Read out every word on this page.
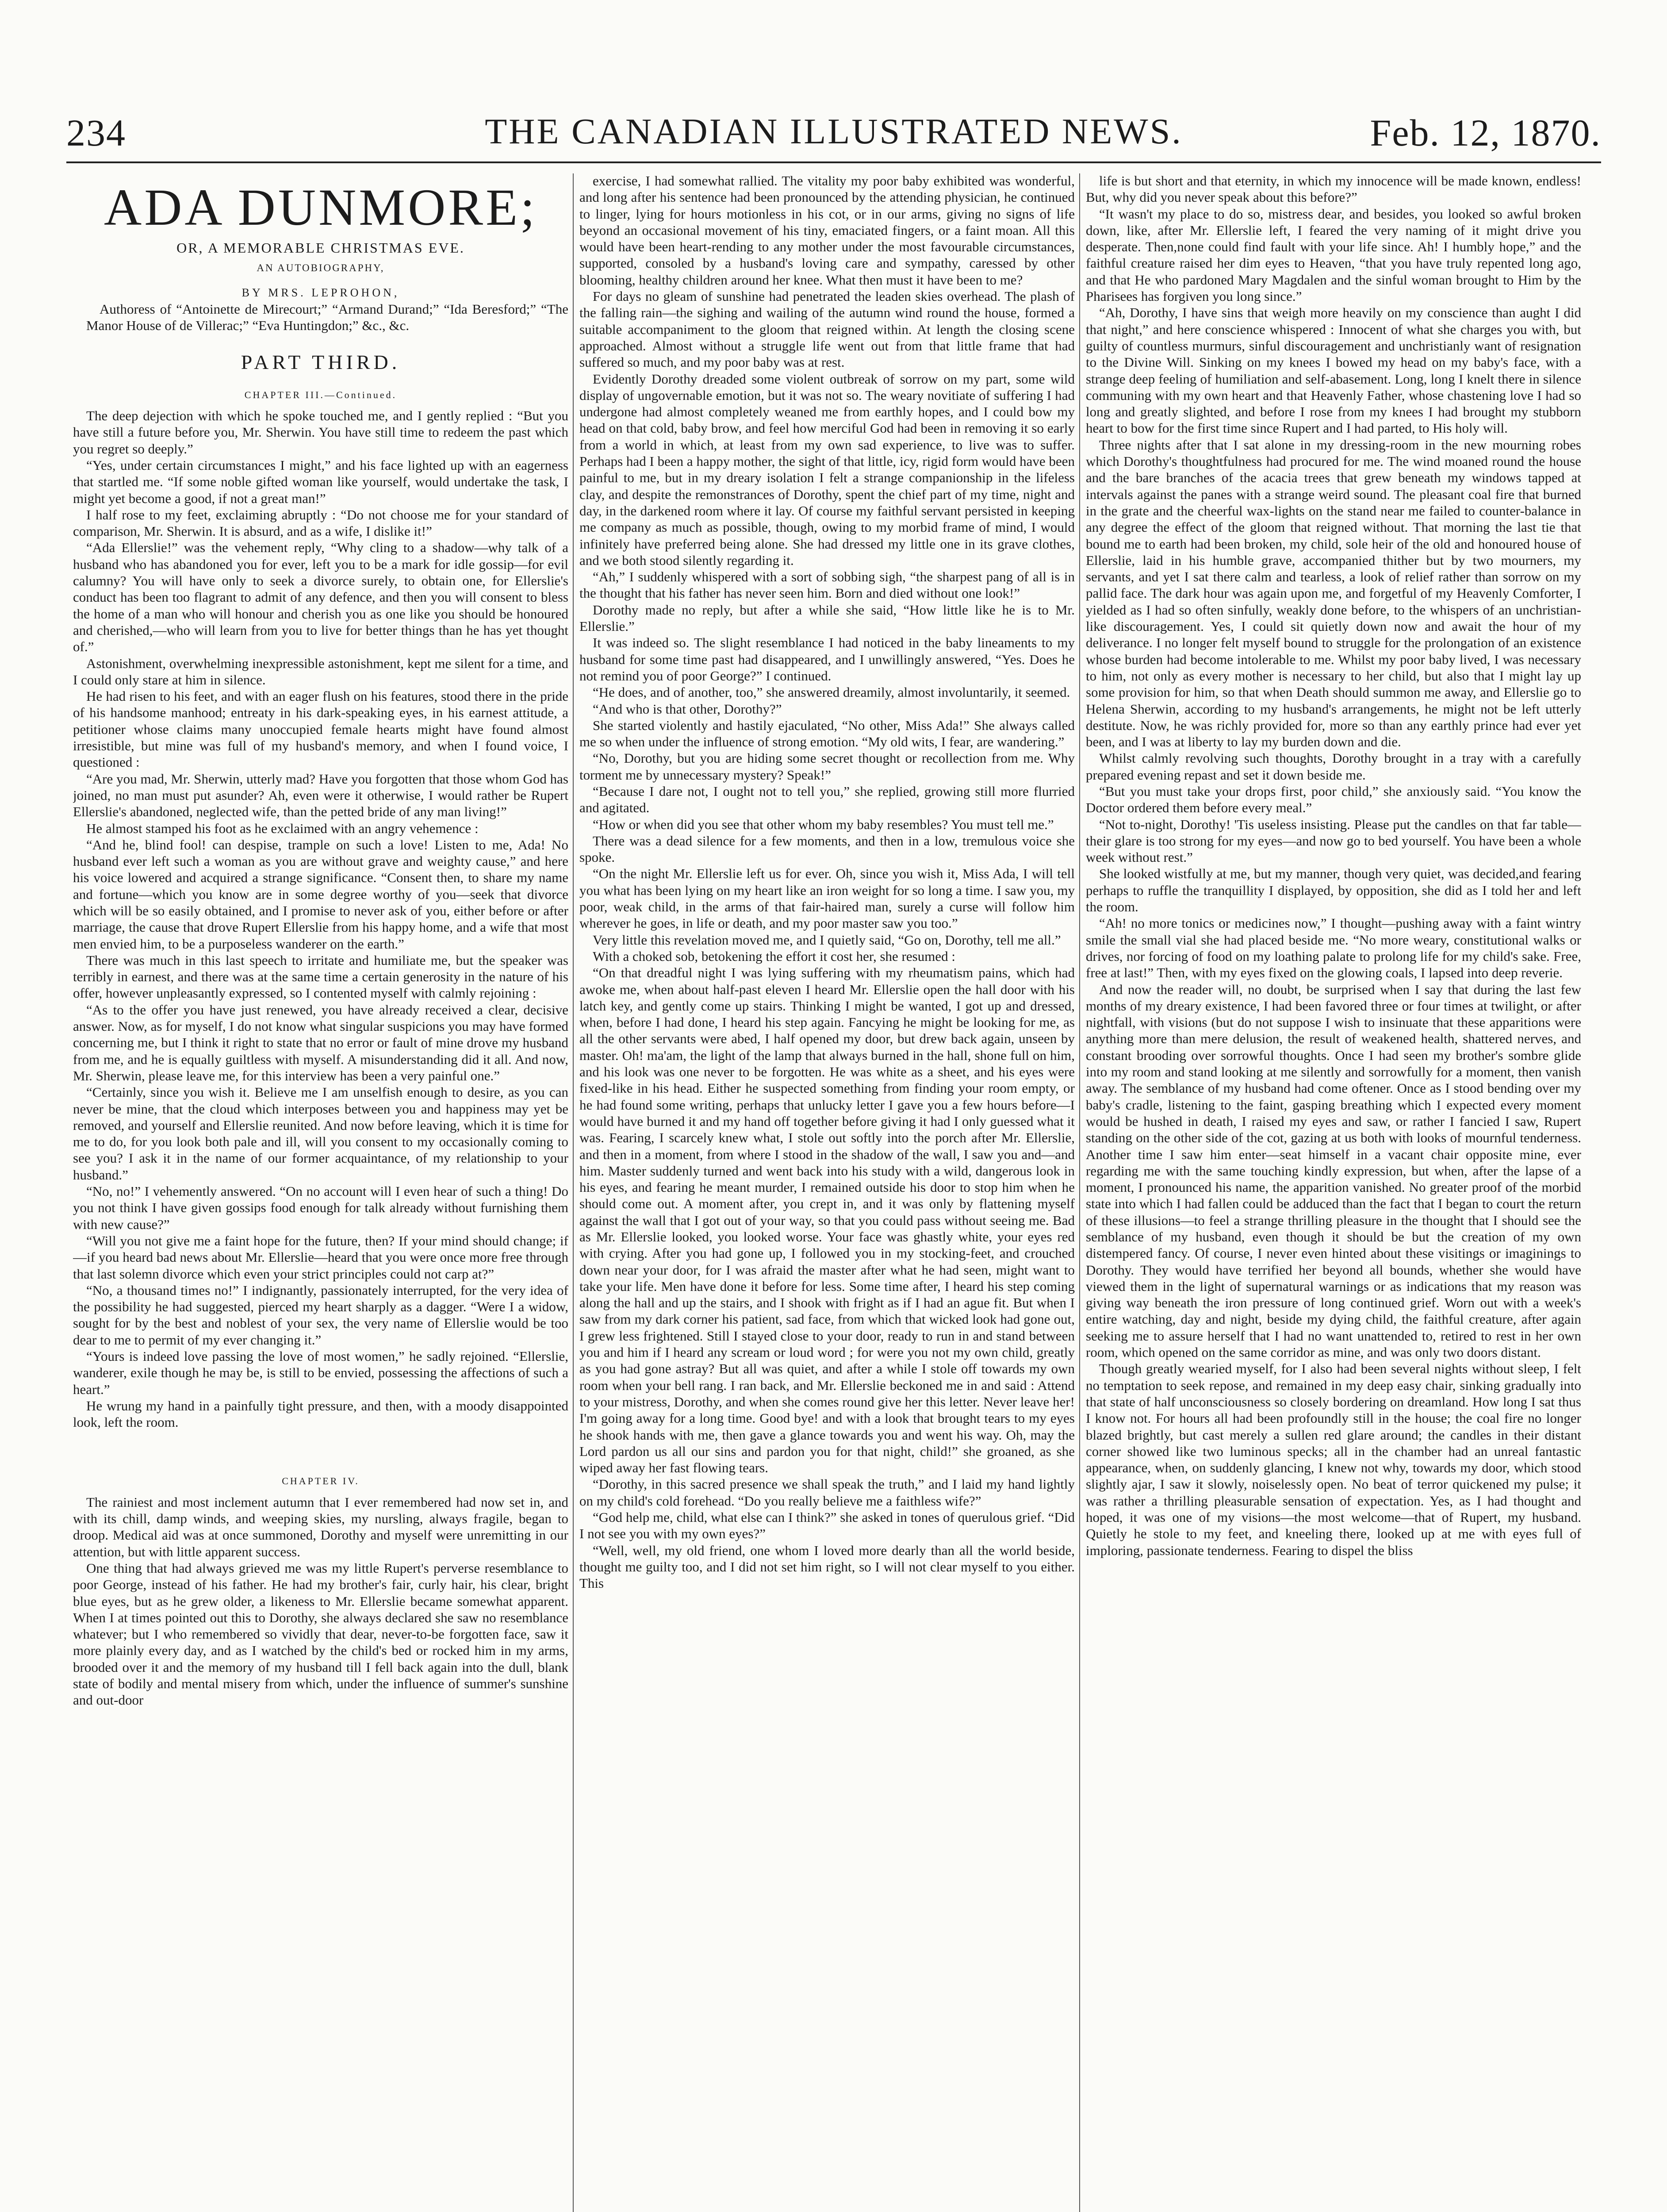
234	THE CANADIAN ILLUSTRATED NEWS.	Feb. 12, 1870.
ADA DUNMORE;
OR, A MEMORABLE CHRISTMAS EVE.
AN AUTOBIOGRAPHY,
BY MRS. LEPROHON,

Authoress of “Antoinette de Mirecourt;” “Armand Durand;” “Ida Beresford;” “The Manor House of de Villerac;” “Eva Huntingdon;” &c., &c.

PART THIRD.
CHAPTER III.—Continued.

The deep dejection with which he spoke touched me, and I gently replied : “But you have still a future before you, Mr. Sherwin. You have still time to redeem the past which you regret so deeply.”

“Yes, under certain circumstances I might,” and his face lighted up with an eagerness that startled me. “If some noble gifted woman like yourself, would undertake the task, I might yet become a good, if not a great man!”

I half rose to my feet, exclaiming abruptly : “Do not choose me for your standard of comparison, Mr. Sherwin. It is absurd, and as a wife, I dislike it!”

“Ada Ellerslie!” was the vehement reply, “Why cling to a shadow—why talk of a husband who has abandoned you for ever, left you to be a mark for idle gossip—for evil calumny? You will have only to seek a divorce surely, to obtain one, for Ellerslie's conduct has been too flagrant to admit of any defence, and then you will consent to bless the home of a man who will honour and cherish you as one like you should be honoured and cherished,—who will learn from you to live for better things than he has yet thought of.”

Astonishment, overwhelming inexpressible astonishment, kept me silent for a time, and I could only stare at him in silence.

He had risen to his feet, and with an eager flush on his features, stood there in the pride of his handsome manhood; entreaty in his dark-speaking eyes, in his earnest attitude, a petitioner whose claims many unoccupied female hearts might have found almost irresistible, but mine was full of my husband's memory, and when I found voice, I questioned :

“Are you mad, Mr. Sherwin, utterly mad? Have you forgotten that those whom God has joined, no man must put asunder? Ah, even were it otherwise, I would rather be Rupert Ellerslie's abandoned, neglected wife, than the petted bride of any man living!”

He almost stamped his foot as he exclaimed with an angry vehemence :

“And he, blind fool! can despise, trample on such a love! Listen to me, Ada! No husband ever left such a woman as you are without grave and weighty cause,” and here his voice lowered and acquired a strange significance. “Consent then, to share my name and fortune—which you know are in some degree worthy of you—seek that divorce which will be so easily obtained, and I promise to never ask of you, either before or after marriage, the cause that drove Rupert Ellerslie from his happy home, and a wife that most men envied him, to be a purposeless wanderer on the earth.”

There was much in this last speech to irritate and humiliate me, but the speaker was terribly in earnest, and there was at the same time a certain generosity in the nature of his offer, however unpleasantly expressed, so I contented myself with calmly rejoining :

“As to the offer you have just renewed, you have already received a clear, decisive answer. Now, as for myself, I do not know what singular suspicions you may have formed concerning me, but I think it right to state that no error or fault of mine drove my husband from me, and he is equally guiltless with myself. A misunderstanding did it all. And now, Mr. Sherwin, please leave me, for this interview has been a very painful one.”

“Certainly, since you wish it. Believe me I am unselfish enough to desire, as you can never be mine, that the cloud which interposes between you and happiness may yet be removed, and yourself and Ellerslie reunited. And now before leaving, which it is time for me to do, for you look both pale and ill, will you consent to my occasionally coming to see you? I ask it in the name of our former acquaintance, of my relationship to your husband.”

“No, no!” I vehemently answered. “On no account will I even hear of such a thing! Do you not think I have given gossips food enough for talk already without furnishing them with new cause?”

“Will you not give me a faint hope for the future, then? If your mind should change; if—if you heard bad news about Mr. Ellerslie—heard that you were once more free through that last solemn divorce which even your strict principles could not carp at?”

“No, a thousand times no!” I indignantly, passionately interrupted, for the very idea of the possibility he had suggested, pierced my heart sharply as a dagger. “Were I a widow, sought for by the best and noblest of your sex, the very name of Ellerslie would be too dear to me to permit of my ever changing it.”

“Yours is indeed love passing the love of most women,” he sadly rejoined. “Ellerslie, wanderer, exile though he may be, is still to be envied, possessing the affections of such a heart.”

He wrung my hand in a painfully tight pressure, and then, with a moody disappointed look, left the room.

CHAPTER IV.

The rainiest and most inclement autumn that I ever remembered had now set in, and with its chill, damp winds, and weeping skies, my nursling, always fragile, began to droop. Medical aid was at once summoned, Dorothy and myself were unremitting in our attention, but with little apparent success.

One thing that had always grieved me was my little Rupert's perverse resemblance to poor George, instead of his father. He had my brother's fair, curly hair, his clear, bright blue eyes, but as he grew older, a likeness to Mr. Ellerslie became somewhat apparent. When I at times pointed out this to Dorothy, she always declared she saw no resemblance whatever; but I who remembered so vividly that dear, never-to-be forgotten face, saw it more plainly every day, and as I watched by the child's bed or rocked him in my arms, brooded over it and the memory of my husband till I fell back again into the dull, blank state of bodily and mental misery from which, under the influence of summer's sunshine and out-door

exercise, I had somewhat rallied. The vitality my poor baby exhibited was wonderful, and long after his sentence had been pronounced by the attending physician, he continued to linger, lying for hours motionless in his cot, or in our arms, giving no signs of life beyond an occasional movement of his tiny, emaciated fingers, or a faint moan. All this would have been heart-rending to any mother under the most favourable circumstances, supported, consoled by a husband's loving care and sympathy, caressed by other blooming, healthy children around her knee. What then must it have been to me?

For days no gleam of sunshine had penetrated the leaden skies overhead. The plash of the falling rain—the sighing and wailing of the autumn wind round the house, formed a suitable accompaniment to the gloom that reigned within. At length the closing scene approached. Almost without a struggle life went out from that little frame that had suffered so much, and my poor baby was at rest.

Evidently Dorothy dreaded some violent outbreak of sorrow on my part, some wild display of ungovernable emotion, but it was not so. The weary novitiate of suffering I had undergone had almost completely weaned me from earthly hopes, and I could bow my head on that cold, baby brow, and feel how merciful God had been in removing it so early from a world in which, at least from my own sad experience, to live was to suffer. Perhaps had I been a happy mother, the sight of that little, icy, rigid form would have been painful to me, but in my dreary isolation I felt a strange companionship in the lifeless clay, and despite the remonstrances of Dorothy, spent the chief part of my time, night and day, in the darkened room where it lay. Of course my faithful servant persisted in keeping me company as much as possible, though, owing to my morbid frame of mind, I would infinitely have preferred being alone. She had dressed my little one in its grave clothes, and we both stood silently regarding it.

“Ah,” I suddenly whispered with a sort of sobbing sigh, “the sharpest pang of all is in the thought that his father has never seen him. Born and died without one look!”

Dorothy made no reply, but after a while she said, “How little like he is to Mr. Ellerslie.”

It was indeed so. The slight resemblance I had noticed in the baby lineaments to my husband for some time past had disappeared, and I unwillingly answered, “Yes. Does he not remind you of poor George?” I continued.

“He does, and of another, too,” she answered dreamily, almost involuntarily, it seemed.

“And who is that other, Dorothy?”

She started violently and hastily ejaculated, “No other, Miss Ada!” She always called me so when under the influence of strong emotion. “My old wits, I fear, are wandering.”

“No, Dorothy, but you are hiding some secret thought or recollection from me. Why torment me by unnecessary mystery? Speak!”

“Because I dare not, I ought not to tell you,” she replied, growing still more flurried and agitated.

“How or when did you see that other whom my baby resembles? You must tell me.”

There was a dead silence for a few moments, and then in a low, tremulous voice she spoke.

“On the night Mr. Ellerslie left us for ever. Oh, since you wish it, Miss Ada, I will tell you what has been lying on my heart like an iron weight for so long a time. I saw you, my poor, weak child, in the arms of that fair-haired man, surely a curse will follow him wherever he goes, in life or death, and my poor master saw you too.”

Very little this revelation moved me, and I quietly said, “Go on, Dorothy, tell me all.”

With a choked sob, betokening the effort it cost her, she resumed :

“On that dreadful night I was lying suffering with my rheumatism pains, which had awoke me, when about half-past eleven I heard Mr. Ellerslie open the hall door with his latch key, and gently come up stairs. Thinking I might be wanted, I got up and dressed, when, before I had done, I heard his step again. Fancying he might be looking for me, as all the other servants were abed, I half opened my door, but drew back again, unseen by master. Oh! ma'am, the light of the lamp that always burned in the hall, shone full on him, and his look was one never to be forgotten. He was white as a sheet, and his eyes were fixed-like in his head. Either he suspected something from finding your room empty, or he had found some writing, perhaps that unlucky letter I gave you a few hours before—I would have burned it and my hand off together before giving it had I only guessed what it was. Fearing, I scarcely knew what, I stole out softly into the porch after Mr. Ellerslie, and then in a moment, from where I stood in the shadow of the wall, I saw you and—and him. Master suddenly turned and went back into his study with a wild, dangerous look in his eyes, and fearing he meant murder, I remained outside his door to stop him when he should come out. A moment after, you crept in, and it was only by flattening myself against the wall that I got out of your way, so that you could pass without seeing me. Bad as Mr. Ellerslie looked, you looked worse. Your face was ghastly white, your eyes red with crying. After you had gone up, I followed you in my stocking-feet, and crouched down near your door, for I was afraid the master after what he had seen, might want to take your life. Men have done it before for less. Some time after, I heard his step coming along the hall and up the stairs, and I shook with fright as if I had an ague fit. But when I saw from my dark corner his patient, sad face, from which that wicked look had gone out, I grew less frightened. Still I stayed close to your door, ready to run in and stand between you and him if I heard any scream or loud word ; for were you not my own child, greatly as you had gone astray? But all was quiet, and after a while I stole off towards my own room when your bell rang. I ran back, and Mr. Ellerslie beckoned me in and said : Attend to your mistress, Dorothy, and when she comes round give her this letter. Never leave her! I'm going away for a long time. Good bye! and with a look that brought tears to my eyes he shook hands with me, then gave a glance towards you and went his way. Oh, may the Lord pardon us all our sins and pardon you for that night, child!” she groaned, as she wiped away her fast flowing tears.

“Dorothy, in this sacred presence we shall speak the truth,” and I laid my hand lightly on my child's cold forehead. “Do you really believe me a faithless wife?”

“God help me, child, what else can I think?” she asked in tones of querulous grief. “Did I not see you with my own eyes?”

“Well, well, my old friend, one whom I loved more dearly than all the world beside, thought me guilty too, and I did not set him right, so I will not clear myself to you either. This

life is but short and that eternity, in which my innocence will be made known, endless! But, why did you never speak about this before?”

“It wasn't my place to do so, mistress dear, and besides, you looked so awful broken down, like, after Mr. Ellerslie left, I feared the very naming of it might drive you desperate. Then,none could find fault with your life since. Ah! I humbly hope,” and the faithful creature raised her dim eyes to Heaven, “that you have truly repented long ago, and that He who pardoned Mary Magdalen and the sinful woman brought to Him by the Pharisees has forgiven you long since.”

“Ah, Dorothy, I have sins that weigh more heavily on my conscience than aught I did that night,” and here conscience whispered : Innocent of what she charges you with, but guilty of countless murmurs, sinful discouragement and unchristianly want of resignation to the Divine Will. Sinking on my knees I bowed my head on my baby's face, with a strange deep feeling of humiliation and self-abasement. Long, long I knelt there in silence communing with my own heart and that Heavenly Father, whose chastening love I had so long and greatly slighted, and before I rose from my knees I had brought my stubborn heart to bow for the first time since Rupert and I had parted, to His holy will.

Three nights after that I sat alone in my dressing-room in the new mourning robes which Dorothy's thoughtfulness had procured for me. The wind moaned round the house and the bare branches of the acacia trees that grew beneath my windows tapped at intervals against the panes with a strange weird sound. The pleasant coal fire that burned in the grate and the cheerful wax-lights on the stand near me failed to counter-balance in any degree the effect of the gloom that reigned without. That morning the last tie that bound me to earth had been broken, my child, sole heir of the old and honoured house of Ellerslie, laid in his humble grave, accompanied thither but by two mourners, my servants, and yet I sat there calm and tearless, a look of relief rather than sorrow on my pallid face. The dark hour was again upon me, and forgetful of my Heavenly Comforter, I yielded as I had so often sinfully, weakly done before, to the whispers of an unchristian-like discouragement. Yes, I could sit quietly down now and await the hour of my deliverance. I no longer felt myself bound to struggle for the prolongation of an existence whose burden had become intolerable to me. Whilst my poor baby lived, I was necessary to him, not only as every mother is necessary to her child, but also that I might lay up some provision for him, so that when Death should summon me away, and Ellerslie go to Helena Sherwin, according to my husband's arrangements, he might not be left utterly destitute. Now, he was richly provided for, more so than any earthly prince had ever yet been, and I was at liberty to lay my burden down and die.

Whilst calmly revolving such thoughts, Dorothy brought in a tray with a carefully prepared evening repast and set it down beside me.

“But you must take your drops first, poor child,” she anxiously said. “You know the Doctor ordered them before every meal.”

“Not to-night, Dorothy! 'Tis useless insisting. Please put the candles on that far table—their glare is too strong for my eyes—and now go to bed yourself. You have been a whole week without rest.”

She looked wistfully at me, but my manner, though very quiet, was decided,and fearing perhaps to ruffle the tranquillity I displayed, by opposition, she did as I told her and left the room.

“Ah! no more tonics or medicines now,” I thought—pushing away with a faint wintry smile the small vial she had placed beside me. “No more weary, constitutional walks or drives, nor forcing of food on my loathing palate to prolong life for my child's sake. Free, free at last!” Then, with my eyes fixed on the glowing coals, I lapsed into deep reverie.

And now the reader will, no doubt, be surprised when I say that during the last few months of my dreary existence, I had been favored three or four times at twilight, or after nightfall, with visions (but do not suppose I wish to insinuate that these apparitions were anything more than mere delusion, the result of weakened health, shattered nerves, and constant brooding over sorrowful thoughts. Once I had seen my brother's sombre glide into my room and stand looking at me silently and sorrowfully for a moment, then vanish away. The semblance of my husband had come oftener. Once as I stood bending over my baby's cradle, listening to the faint, gasping breathing which I expected every moment would be hushed in death, I raised my eyes and saw, or rather I fancied I saw, Rupert standing on the other side of the cot, gazing at us both with looks of mournful tenderness. Another time I saw him enter—seat himself in a vacant chair opposite mine, ever regarding me with the same touching kindly expression, but when, after the lapse of a moment, I pronounced his name, the apparition vanished. No greater proof of the morbid state into which I had fallen could be adduced than the fact that I began to court the return of these illusions—to feel a strange thrilling pleasure in the thought that I should see the semblance of my husband, even though it should be but the creation of my own distempered fancy. Of course, I never even hinted about these visitings or imaginings to Dorothy. They would have terrified her beyond all bounds, whether she would have viewed them in the light of supernatural warnings or as indications that my reason was giving way beneath the iron pressure of long continued grief. Worn out with a week's entire watching, day and night, beside my dying child, the faithful creature, after again seeking me to assure herself that I had no want unattended to, retired to rest in her own room, which opened on the same corridor as mine, and was only two doors distant.

Though greatly wearied myself, for I also had been several nights without sleep, I felt no temptation to seek repose, and remained in my deep easy chair, sinking gradually into that state of half unconsciousness so closely bordering on dreamland. How long I sat thus I know not. For hours all had been profoundly still in the house; the coal fire no longer blazed brightly, but cast merely a sullen red glare around; the candles in their distant corner showed like two luminous specks; all in the chamber had an unreal fantastic appearance, when, on suddenly glancing, I knew not why, towards my door, which stood slightly ajar, I saw it slowly, noiselessly open. No beat of terror quickened my pulse; it was rather a thrilling pleasurable sensation of expectation. Yes, as I had thought and hoped, it was one of my visions—the most welcome—that of Rupert, my husband. Quietly he stole to my feet, and kneeling there, looked up at me with eyes full of imploring, passionate tenderness. Fearing to dispel the bliss
